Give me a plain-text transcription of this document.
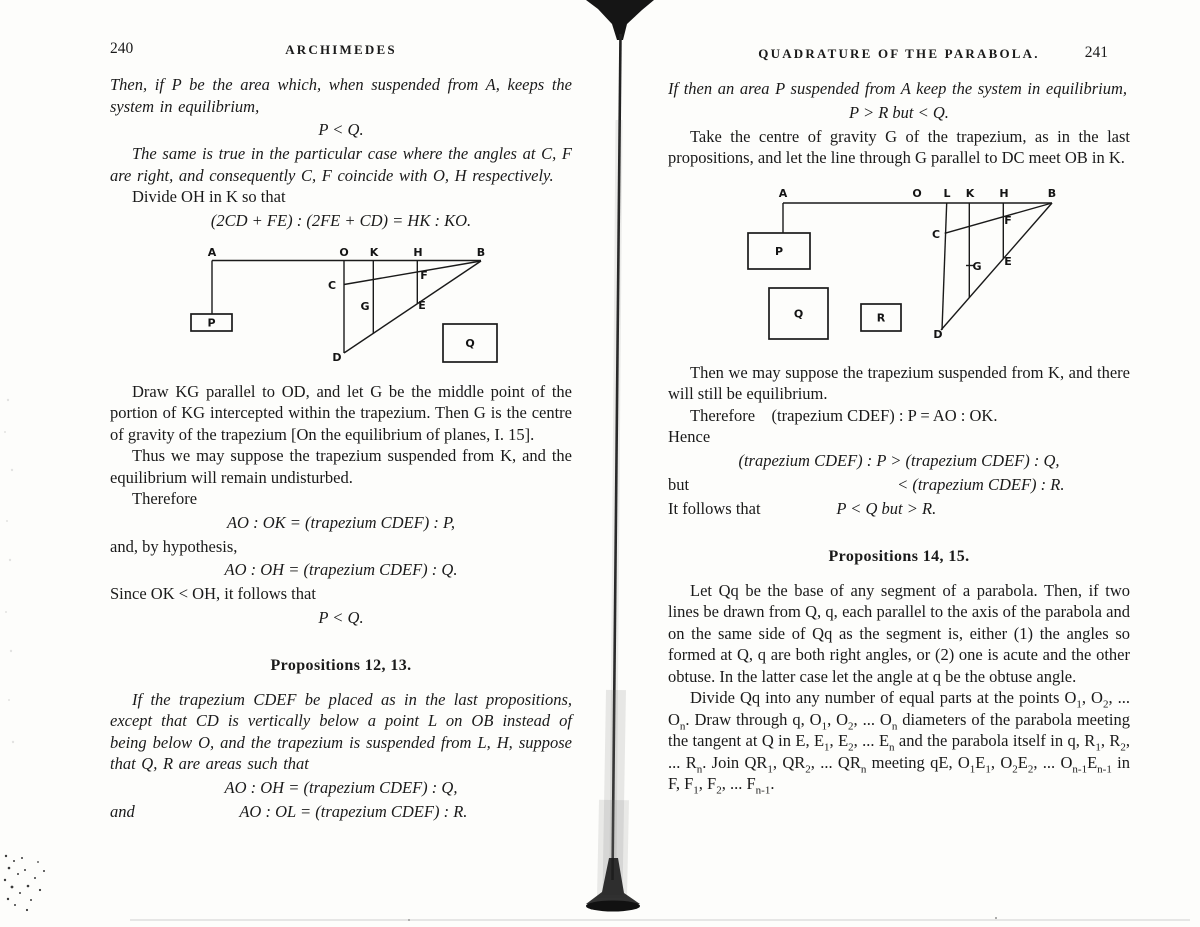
240	ARCHIMEDES
Then, if P be the area which, when suspended from A, keeps the system in equilibrium,
P < Q.
The same is true in the particular case where the angles at C, F are right, and consequently C, F coincide with O, H respectively.
Divide OH in K so that
(2CD + FE) : (2FE + CD) = HK : KO.
P
Q
A	O K	H	B
C
F
G	E
D
Draw KG parallel to OD, and let G be the middle point of the portion of KG intercepted within the trapezium. Then G is the centre of gravity of the trapezium [On the equilibrium of planes, I. 15].
Thus we may suppose the trapezium suspended from K, and the equilibrium will remain undisturbed.
Therefore
AO : OK = (trapezium CDEF) : P,
and, by hypothesis,
AO : OH = (trapezium CDEF) : Q.
Since OK < OH, it follows that
P < Q.
Propositions 12, 13.
If the trapezium CDEF be placed as in the last propositions, except that CD is vertically below a point L on OB instead of being below O, and the trapezium is suspended from L, H, suppose that Q, R are areas such that
AO : OH = (trapezium CDEF) : Q,
and	AO : OL = (trapezium CDEF) : R.
QUADRATURE OF THE PARABOLA.	241
If then an area P suspended from A keep the system in equilibrium,
P > R but < Q.
Take the centre of gravity G of the trapezium, as in the last propositions, and let the line through G parallel to DC meet OB in K.
P
Q	R
A	O L K H	B
C
F
G E
D
Then we may suppose the trapezium suspended from K, and there will still be equilibrium.
Therefore  (trapezium CDEF) : P = AO : OK.
Hence
(trapezium CDEF) : P > (trapezium CDEF) : Q,
but	< (trapezium CDEF) : R.
It follows that	P < Q but > R.
Propositions 14, 15.
Let Qq be the base of any segment of a parabola. Then, if two lines be drawn from Q, q, each parallel to the axis of the parabola and on the same side of Qq as the segment is, either (1) the angles so formed at Q, q are both right angles, or (2) one is acute and the other obtuse. In the latter case let the angle at q be the obtuse angle.
Divide Qq into any number of equal parts at the points $O_1$, $O_2$, ... $O_n$. Draw through q, $O_1$, $O_2$, ... $O_n$ diameters of the parabola meeting the tangent at Q in E, $E_1$, $E_2$, ... $E_n$ and the parabola itself in q, $R_1$, $R_2$, ... $R_n$. Join $QR_1$, $QR_2$, ... $QR_n$ meeting qE, $O_1E_1$, $O_2E_2$, ... $O_{n-1}E_{n-1}$ in F, $F_1$, $F_2$, ... $F_{n-1}$.
